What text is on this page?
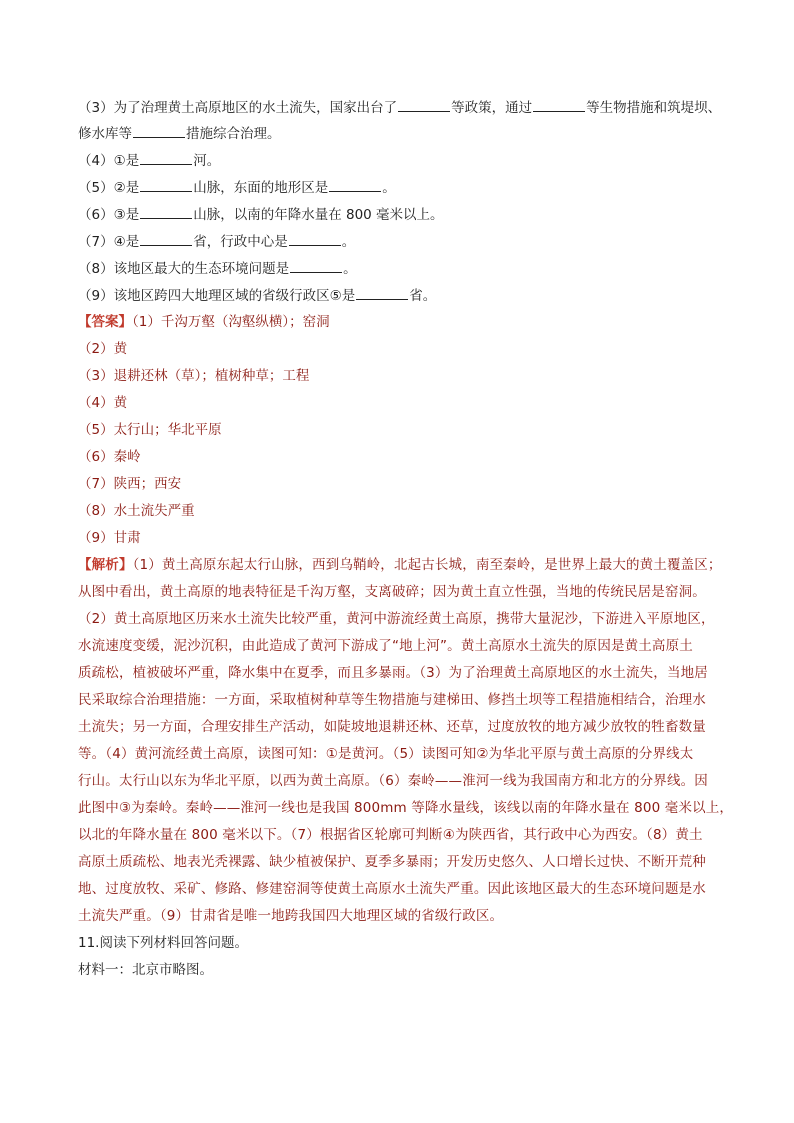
（3）为了治理黄土高原地区的水土流失，国家出台了	等政策，通过	等生物措施和筑堤坝、
修水库等	措施综合治理。
（4）①是	河。
（5）②是	山脉，东面的地形区是	。
（6）③是	山脉，以南的年降水量在 800 毫米以上。
（7）④是	省，行政中心是	。
（8）该地区最大的生态环境问题是	。
（9）该地区跨四大地理区域的省级行政区⑤是	省。
【答案】（1）千沟万壑（沟壑纵横）；窑洞
（2）黄
（3）退耕还林（草）；植树种草；工程
（4）黄
（5）太行山；华北平原
（6）秦岭
（7）陕西；西安
（8）水土流失严重
（9）甘肃
【解析】（1）黄土高原东起太行山脉，西到乌鞘岭，北起古长城，南至秦岭，是世界上最大的黄土覆盖区；
从图中看出，黄土高原的地表特征是千沟万壑，支离破碎；因为黄土直立性强，当地的传统民居是窑洞。
（2）黄土高原地区历来水土流失比较严重，黄河中游流经黄土高原，携带大量泥沙，下游进入平原地区，
水流速度变缓，泥沙沉积，由此造成了黄河下游成了“地上河”。黄土高原水土流失的原因是黄土高原土
质疏松，植被破坏严重，降水集中在夏季，而且多暴雨。（3）为了治理黄土高原地区的水土流失，当地居
民采取综合治理措施：一方面，采取植树种草等生物措施与建梯田、修挡土坝等工程措施相结合，治理水
土流失；另一方面，合理安排生产活动，如陡坡地退耕还林、还草，过度放牧的地方减少放牧的牲畜数量
等。（4）黄河流经黄土高原，读图可知：①是黄河。（5）读图可知②为华北平原与黄土高原的分界线太
行山。太行山以东为华北平原，以西为黄土高原。（6）秦岭——淮河一线为我国南方和北方的分界线。因
此图中③为秦岭。秦岭——淮河一线也是我国 800mm 等降水量线，该线以南的年降水量在 800 毫米以上，
以北的年降水量在 800 毫米以下。（7）根据省区轮廓可判断④为陕西省，其行政中心为西安。（8）黄土
高原土质疏松、地表光秃裸露、缺少植被保护、夏季多暴雨；开发历史悠久、人口增长过快、不断开荒种
地、过度放牧、采矿、修路、修建窑洞等使黄土高原水土流失严重。因此该地区最大的生态环境问题是水
土流失严重。（9）甘肃省是唯一地跨我国四大地理区域的省级行政区。
11.阅读下列材料回答问题。
材料一：北京市略图。
